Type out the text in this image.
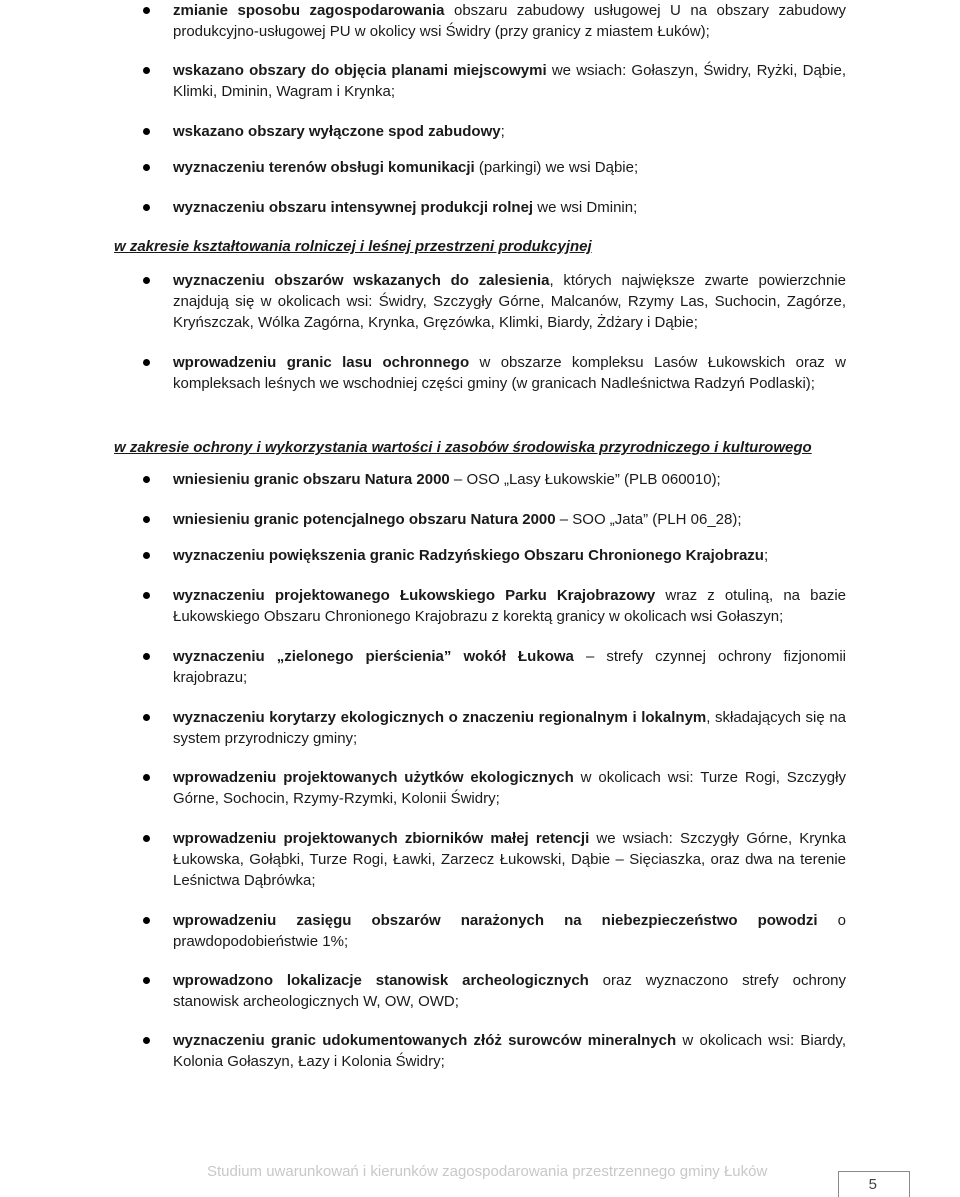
zmianie sposobu zagospodarowania obszaru zabudowy usługowej U na obszary zabudowy produkcyjno-usługowej PU w okolicy wsi Świdry (przy granicy z miastem Łuków);
wskazano obszary do objęcia planami miejscowymi we wsiach: Gołaszyn, Świdry, Ryżki, Dąbie, Klimki, Dminin, Wagram i Krynka;
wskazano obszary wyłączone spod zabudowy;
wyznaczeniu terenów obsługi komunikacji (parkingi) we wsi Dąbie;
wyznaczeniu obszaru intensywnej produkcji rolnej we wsi Dminin;

w zakresie kształtowania rolniczej i leśnej przestrzeni produkcyjnej

wyznaczeniu obszarów wskazanych do zalesienia, których największe zwarte powierzchnie znajdują się w okolicach wsi: Świdry, Szczygły Górne, Malcanów, Rzymy Las, Suchocin, Zagórze, Kryńszczak, Wólka Zagórna, Krynka, Gręzówka, Klimki, Biardy, Żdżary i Dąbie;
wprowadzeniu granic lasu ochronnego w obszarze kompleksu Lasów Łukowskich oraz w kompleksach leśnych we wschodniej części gminy (w granicach Nadleśnictwa Radzyń Podlaski);

w zakresie ochrony i wykorzystania wartości i zasobów środowiska przyrodniczego i kulturowego

wniesieniu granic obszaru Natura 2000 – OSO „Lasy Łukowskie” (PLB 060010);
wniesieniu granic potencjalnego obszaru Natura 2000 – SOO „Jata” (PLH 06_28);
wyznaczeniu powiększenia granic Radzyńskiego Obszaru Chronionego Krajobrazu;
wyznaczeniu projektowanego Łukowskiego Parku Krajobrazowy wraz z otuliną, na bazie Łukowskiego Obszaru Chronionego Krajobrazu z korektą granicy w okolicach wsi Gołaszyn;
wyznaczeniu „zielonego pierścienia” wokół Łukowa – strefy czynnej ochrony fizjonomii krajobrazu;
wyznaczeniu korytarzy ekologicznych o znaczeniu regionalnym i lokalnym, składających się na system przyrodniczy gminy;
wprowadzeniu projektowanych użytków ekologicznych w okolicach wsi: Turze Rogi, Szczygły Górne, Sochocin, Rzymy-Rzymki, Kolonii Świdry;
wprowadzeniu projektowanych zbiorników małej retencji we wsiach: Szczygły Górne, Krynka Łukowska, Gołąbki, Turze Rogi, Ławki, Zarzecz Łukowski, Dąbie – Sięciaszka, oraz dwa na terenie Leśnictwa Dąbrówka;
wprowadzeniu zasięgu obszarów narażonych na niebezpieczeństwo powodzi o prawdopodobieństwie 1%;
wprowadzono lokalizacje stanowisk archeologicznych oraz wyznaczono strefy ochrony stanowisk archeologicznych W, OW, OWD;
wyznaczeniu granic udokumentowanych złóż surowców mineralnych w okolicach wsi: Biardy, Kolonia Gołaszyn, Łazy i Kolonia Świdry;
Studium uwarunkowań i kierunków zagospodarowania przestrzennego gminy Łuków
5
